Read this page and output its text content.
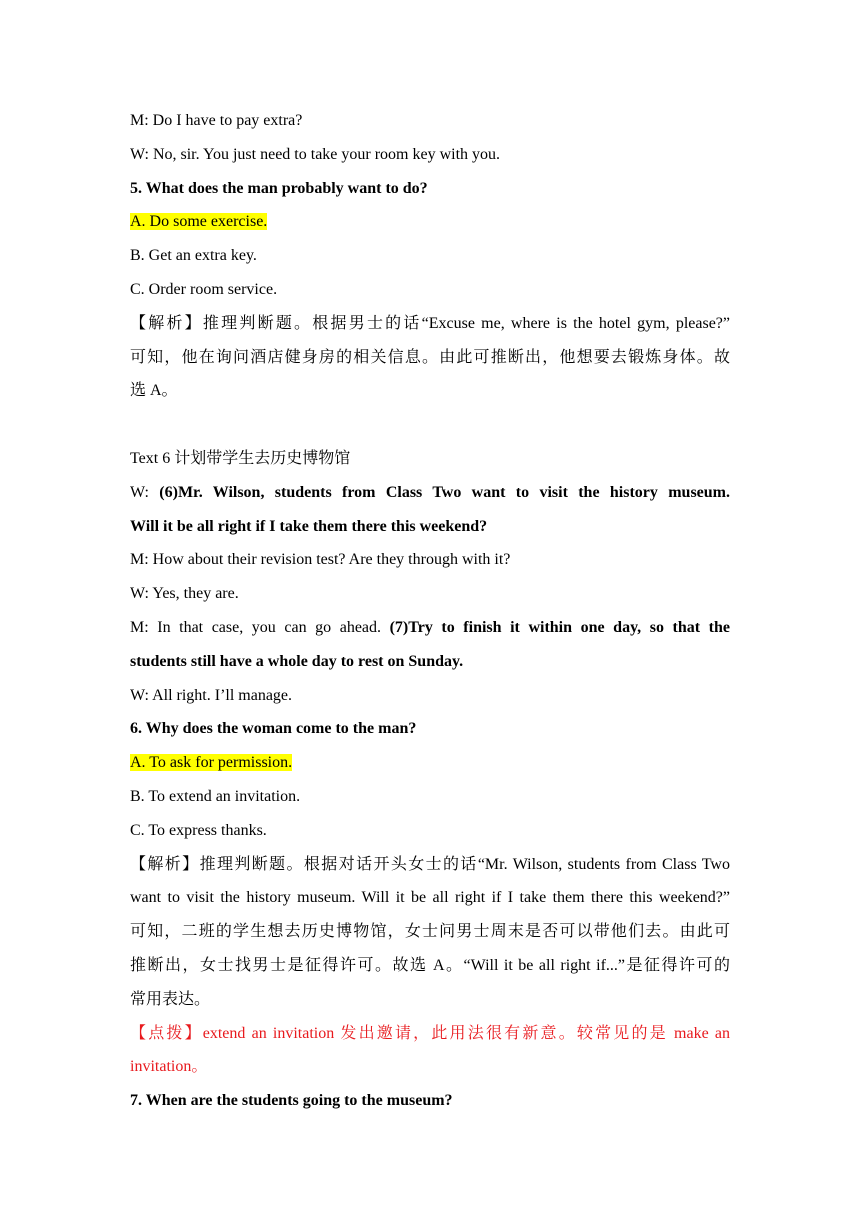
M: Do I have to pay extra?
W: No, sir. You just need to take your room key with you.
5. What does the man probably want to do?
A. Do some exercise.
B. Get an extra key.
C. Order room service.
【解析】推理判断题。根据男士的话“Excuse me, where is the hotel gym, please?”
可知，他在询问酒店健身房的相关信息。由此可推断出，他想要去锻炼身体。故
选 A。
Text 6 计划带学生去历史博物馆
W: (6)Mr. Wilson, students from Class Two want to visit the history museum.
Will it be all right if I take them there this weekend?
M: How about their revision test? Are they through with it?
W: Yes, they are.
M: In that case, you can go ahead. (7)Try to finish it within one day, so that the
students still have a whole day to rest on Sunday.
W: All right. I’ll manage.
6. Why does the woman come to the man?
A. To ask for permission.
B. To extend an invitation.
C. To express thanks.
【解析】推理判断题。根据对话开头女士的话“Mr. Wilson, students from Class Two
want to visit the history museum. Will it be all right if I take them there this weekend?”
可知，二班的学生想去历史博物馆，女士问男士周末是否可以带他们去。由此可
推断出，女士找男士是征得许可。故选 A。“Will it be all right if...”是征得许可的
常用表达。
【点拨】extend an invitation 发出邀请，此用法很有新意。较常见的是 make an
invitation。
7. When are the students going to the museum?
